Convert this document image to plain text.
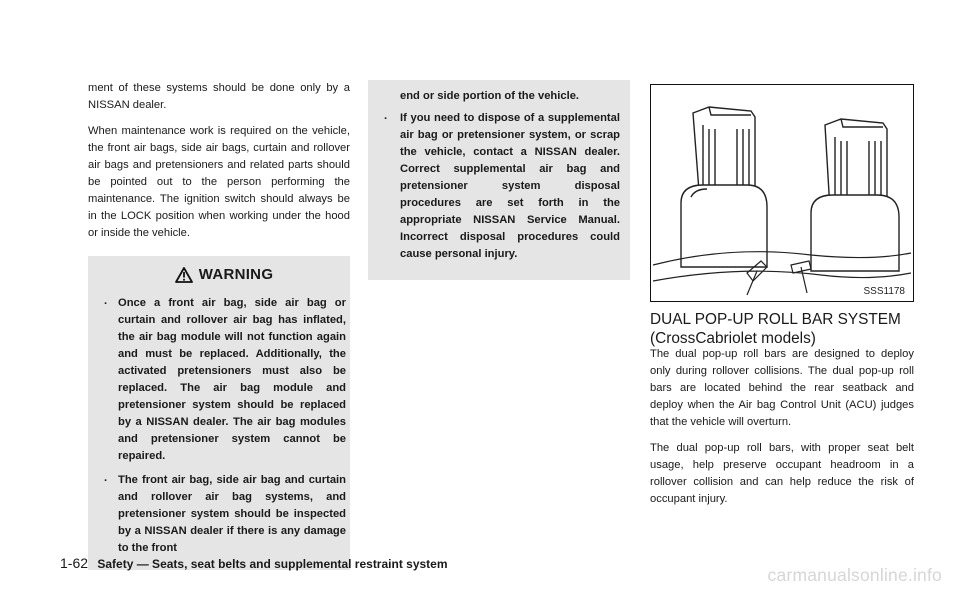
ment of these systems should be done only by a NISSAN dealer.

When maintenance work is required on the vehicle, the front air bags, side air bags, curtain and rollover air bags and pretensioners and related parts should be pointed out to the person performing the maintenance. The ignition switch should always be in the LOCK position when working under the hood or inside the vehicle.

WARNING
. Once a front air bag, side air bag or curtain and rollover air bag has inflated, the air bag module will not function again and must be replaced. Additionally, the activated pretensioners must also be replaced. The air bag module and pretensioner system should be replaced by a NISSAN dealer. The air bag modules and pretensioner system cannot be repaired.
. The front air bag, side air bag and curtain and rollover air bag systems, and pretensioner system should be inspected by a NISSAN dealer if there is any damage to the front
end or side portion of the vehicle.
. If you need to dispose of a supplemental air bag or pretensioner system, or scrap the vehicle, contact a NISSAN dealer. Correct supplemental air bag and pretensioner system disposal procedures are set forth in the appropriate NISSAN Service Manual. Incorrect disposal procedures could cause personal injury.
SSS1178
DUAL POP-UP ROLL BAR SYSTEM
(CrossCabriolet models)

The dual pop-up roll bars are designed to deploy only during rollover collisions. The dual pop-up roll bars are located behind the rear seatback and deploy when the Air bag Control Unit (ACU) judges that the vehicle will overturn.

The dual pop-up roll bars, with proper seat belt usage, help preserve occupant headroom in a rollover collision and can help reduce the risk of occupant injury.

1-62 Safety — Seats, seat belts and supplemental restraint system
carmanualsonline.info
